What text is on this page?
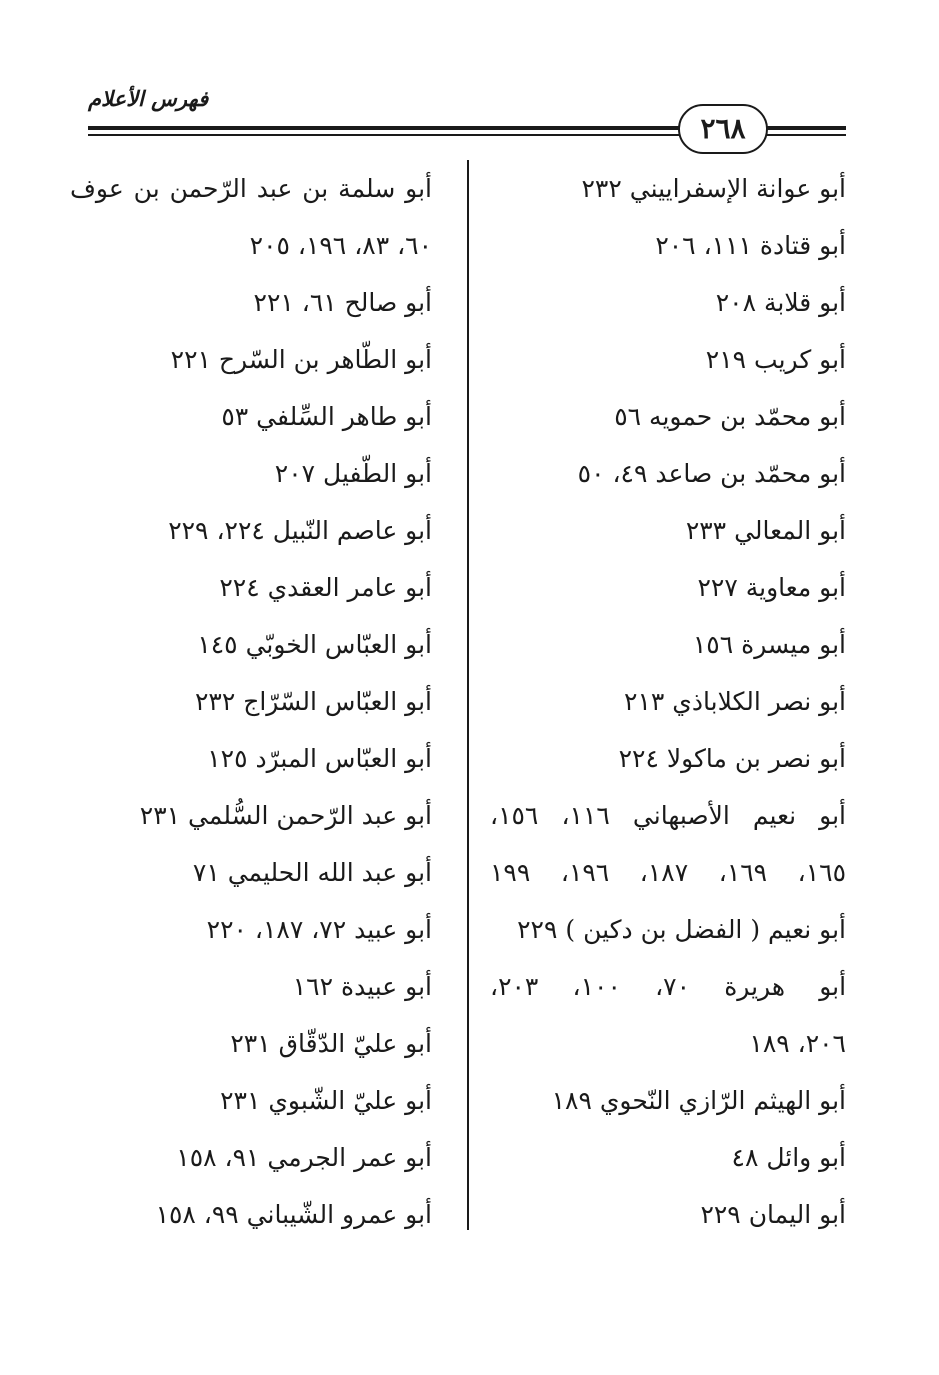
فهرس الأعلام
٢٦٨
أبو عوانة الإسفراييني ٢٣٢
أبو قتادة ١١١، ٢٠٦
أبو قلابة ٢٠٨
أبو كريب ٢١٩
أبو محمّد بن حمويه ٥٦
أبو محمّد بن صاعد ٤٩، ٥٠
أبو المعالي ٢٣٣
أبو معاوية ٢٢٧
أبو ميسرة ١٥٦
أبو نصر الكلاباذي ٢١٣
أبو نصر بن ماكولا ٢٢٤
أبو نعيم الأصبهاني ١١٦، ١٥٦،
١٦٥، ١٦٩، ١٨٧، ١٩٦، ١٩٩
أبو نعيم ( الفضل بن دكين ) ٢٢٩
أبو هريرة ٧٠، ١٠٠، ٢٠٣،
٢٠٦، ١٨٩
أبو الهيثم الرّازي النّحوي ١٨٩
أبو وائل ٤٨
أبو اليمان ٢٢٩
أبو سلمة بن عبد الرّحمن بن عوف
٦٠، ٨٣، ١٩٦، ٢٠٥
أبو صالح ٦١، ٢٢١
أبو الطّاهر بن السّرح ٢٢١
أبو طاهر السِّلفي ٥٣
أبو الطّفيل ٢٠٧
أبو عاصم النّبيل ٢٢٤، ٢٢٩
أبو عامر العقدي ٢٢٤
أبو العبّاس الخوبّي ١٤٥
أبو العبّاس السّرّاج ٢٣٢
أبو العبّاس المبرّد ١٢٥
أبو عبد الرّحمن السُّلمي ٢٣١
أبو عبد الله الحليمي ٧١
أبو عبيد ٧٢، ١٨٧، ٢٢٠
أبو عبيدة ١٦٢
أبو عليّ الدّقّاق ٢٣١
أبو عليّ الشّبوي ٢٣١
أبو عمر الجرمي ٩١، ١٥٨
أبو عمرو الشّيباني ٩٩، ١٥٨
